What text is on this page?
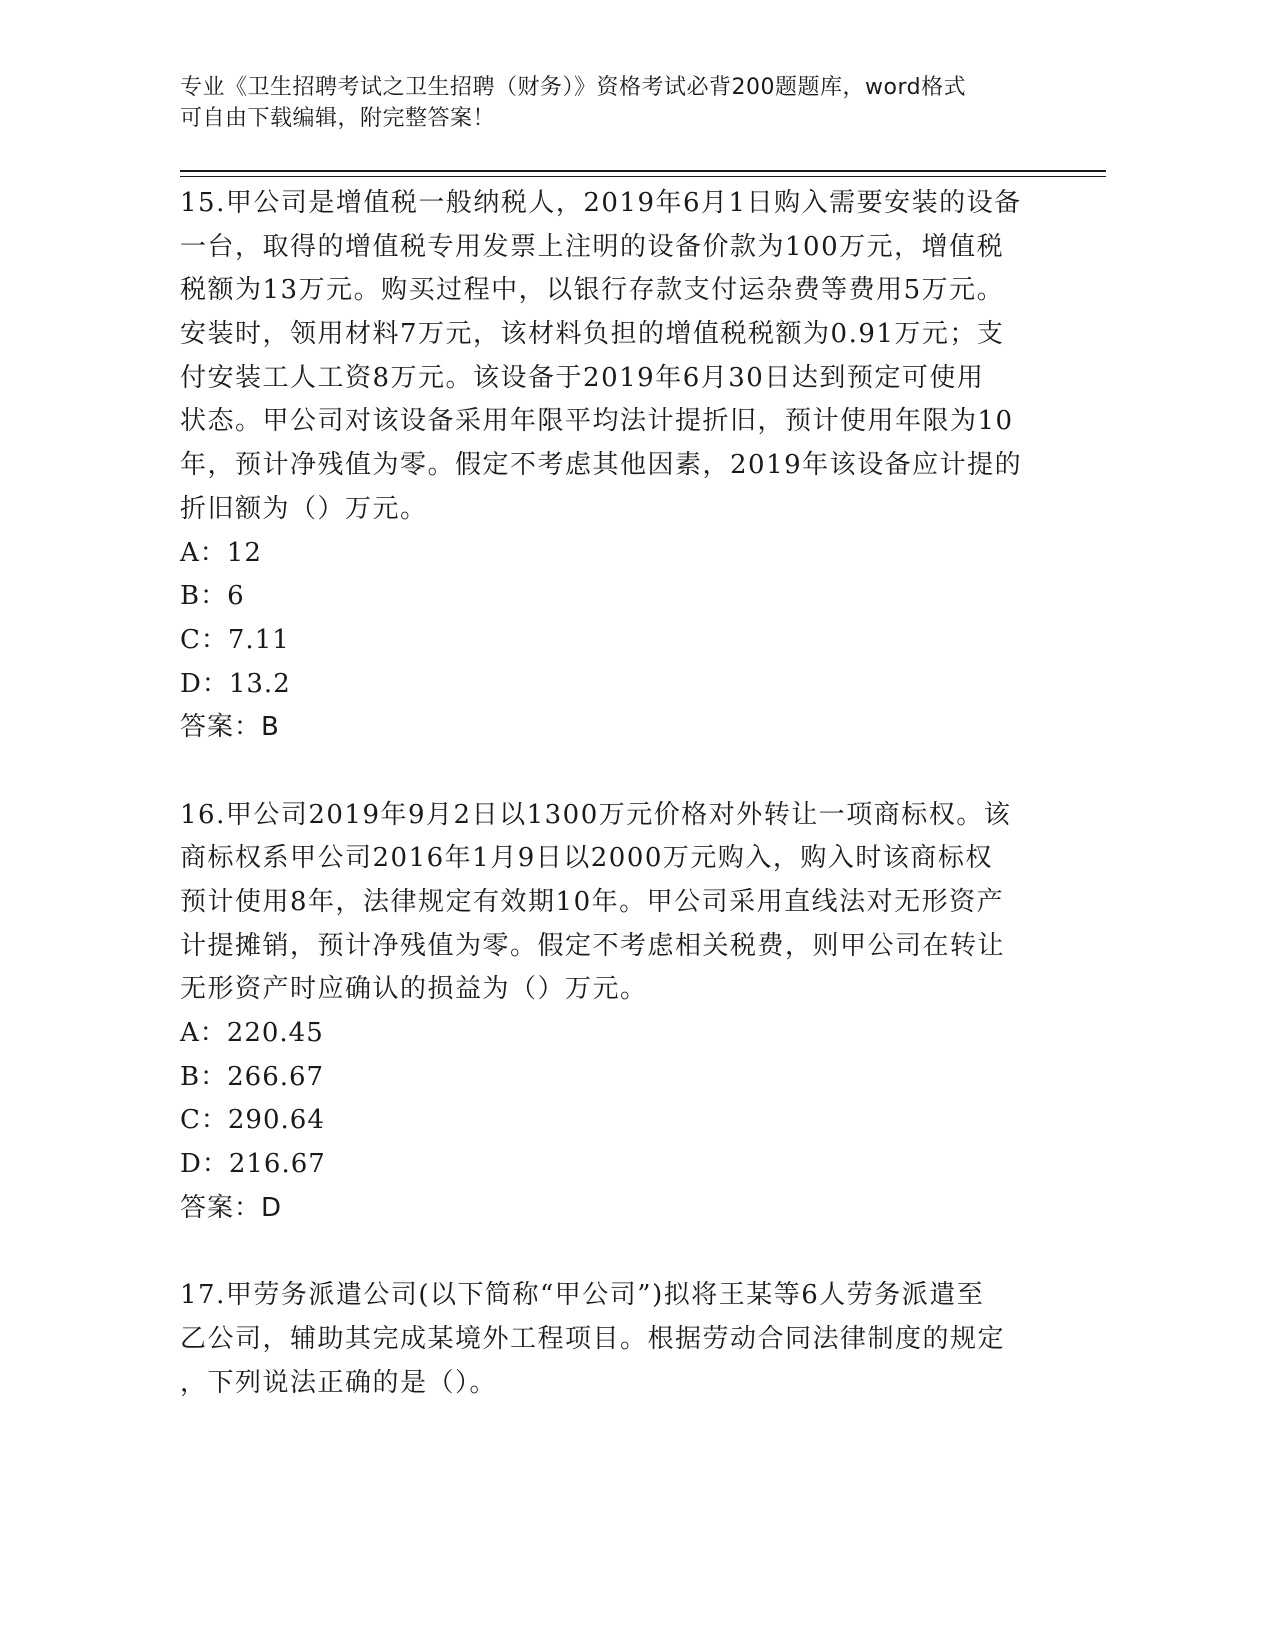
专业《卫生招聘考试之卫生招聘（财务）》资格考试必背200题题库，word格式
可自由下载编辑，附完整答案！
15.甲公司是增值税一般纳税人，2019年6月1日购入需要安装的设备
一台，取得的增值税专用发票上注明的设备价款为100万元，增值税
税额为13万元。购买过程中，以银行存款支付运杂费等费用5万元。
安装时，领用材料7万元，该材料负担的增值税税额为0.91万元；支
付安装工人工资8万元。该设备于2019年6月30日达到预定可使用
状态。甲公司对该设备采用年限平均法计提折旧，预计使用年限为10
年，预计净残值为零。假定不考虑其他因素，2019年该设备应计提的
折旧额为（）万元。
A：12
B：6
C：7.11
D：13.2
答案：B
16.甲公司2019年9月2日以1300万元价格对外转让一项商标权。该
商标权系甲公司2016年1月9日以2000万元购入，购入时该商标权
预计使用8年，法律规定有效期10年。甲公司采用直线法对无形资产
计提摊销，预计净残值为零。假定不考虑相关税费，则甲公司在转让
无形资产时应确认的损益为（）万元。
A：220.45
B：266.67
C：290.64
D：216.67
答案：D
17.甲劳务派遣公司(以下简称“甲公司”)拟将王某等6人劳务派遣至
乙公司，辅助其完成某境外工程项目。根据劳动合同法律制度的规定
，下列说法正确的是（）。
